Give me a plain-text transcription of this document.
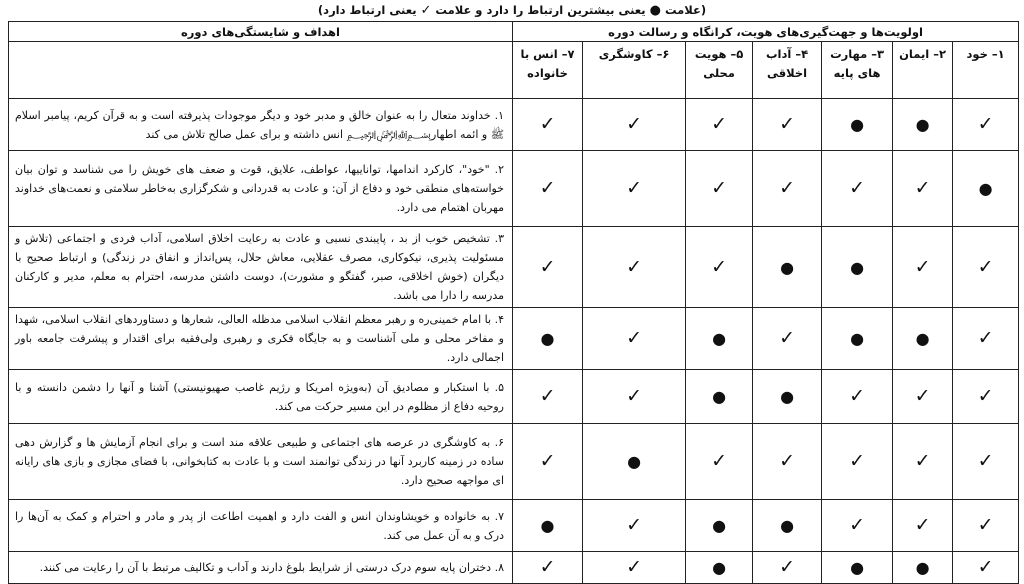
(علامت
●
یعنی بیشترین ارتباط را دارد و علامت
✓
یعنی ارتباط دارد)
اولویت‌ها و جهت‌گیری‌های هویت، کرانگاه و رسالت دوره							اهداف و شایستگی‌های دوره
۱– خود	۲– ایمان	۳– مهارت های پایه	۴– آداب اخلاقی	۵– هویت محلی	۶– کاوشگری	۷– انس با خانواده	
✓	●	●	✓	✓	✓	✓	۱. خداوند متعال را به عنوان خالق و مدبر خود و دیگر موجودات پذیرفته است و به قرآن کریم، پیامبر اسلام ﷺ و ائمه اطهار﷽ انس داشته و برای عمل صالح تلاش می کند
●	✓	✓	✓	✓	✓	✓	۲. "خود"، کارکرد اندامها، تواناییها، عواطف، علایق، قوت و ضعف های خویش را می شناسد و توان بیان خواسته‌های منطقی خود و دفاع از آن: و عادت به قدردانی و شکرگزاری به‌خاطر سلامتی و نعمت‌های خداوند مهربان اهتمام می دارد.
✓	✓	●	●	✓	✓	✓	۳. تشخیص خوب از بد ، پایبندی نسبی و عادت به رعایت اخلاق اسلامی، آداب فردی و اجتماعی (تلاش و مسئولیت پذیری، نیکوکاری، مصرف عقلایی، معاش حلال، پس‌انداز و انفاق در زندگی) و ارتباط صحیح با دیگران (خوش اخلاقی، صبر، گفتگو و مشورت)، دوست داشتن مدرسه، احترام به معلم، مدیر و کارکنان مدرسه را دارا می باشد.
✓	●	●	✓	●	✓	●	۴. با امام خمینی‌ره و رهبر معظم انقلاب اسلامی مدظله العالی، شعارها و دستاوردهای انقلاب اسلامی، شهدا و مفاخر محلی و ملی آشناست و به جایگاه فکری و رهبری ولی‌فقیه برای اقتدار و پیشرفت جامعه باور اجمالی دارد.
✓	✓	✓	●	●	✓	✓	۵. با استکبار و مصادیق آن (به‌ویژه امریکا و رژیم غاصب صهیونیستی) آشنا و آنها را دشمن دانسته و با روحیه دفاع از مظلوم در این مسیر حرکت می کند.
✓	✓	✓	✓	✓	●	✓	۶. به کاوشگری در عرصه های اجتماعی و طبیعی علاقه مند است و برای انجام آزمایش ها و گزارش دهی ساده در زمینه کاربرد آنها در زندگی توانمند است و با عادت به کتابخوانی، با فضای مجازی و بازی های رایانه ای مواجهه صحیح دارد.
✓	✓	✓	●	●	✓	●	۷. به خانواده و خویشاوندان انس و الفت دارد و اهمیت اطاعت از پدر و مادر و احترام و کمک به آن‌ها را درک و به آن عمل می کند.
✓	●	●	✓	●	✓	✓	۸. دختران پایه سوم درک درستی از شرایط بلوغ دارند و آداب و تکالیف مرتبط با آن را رعایت می کنند.
